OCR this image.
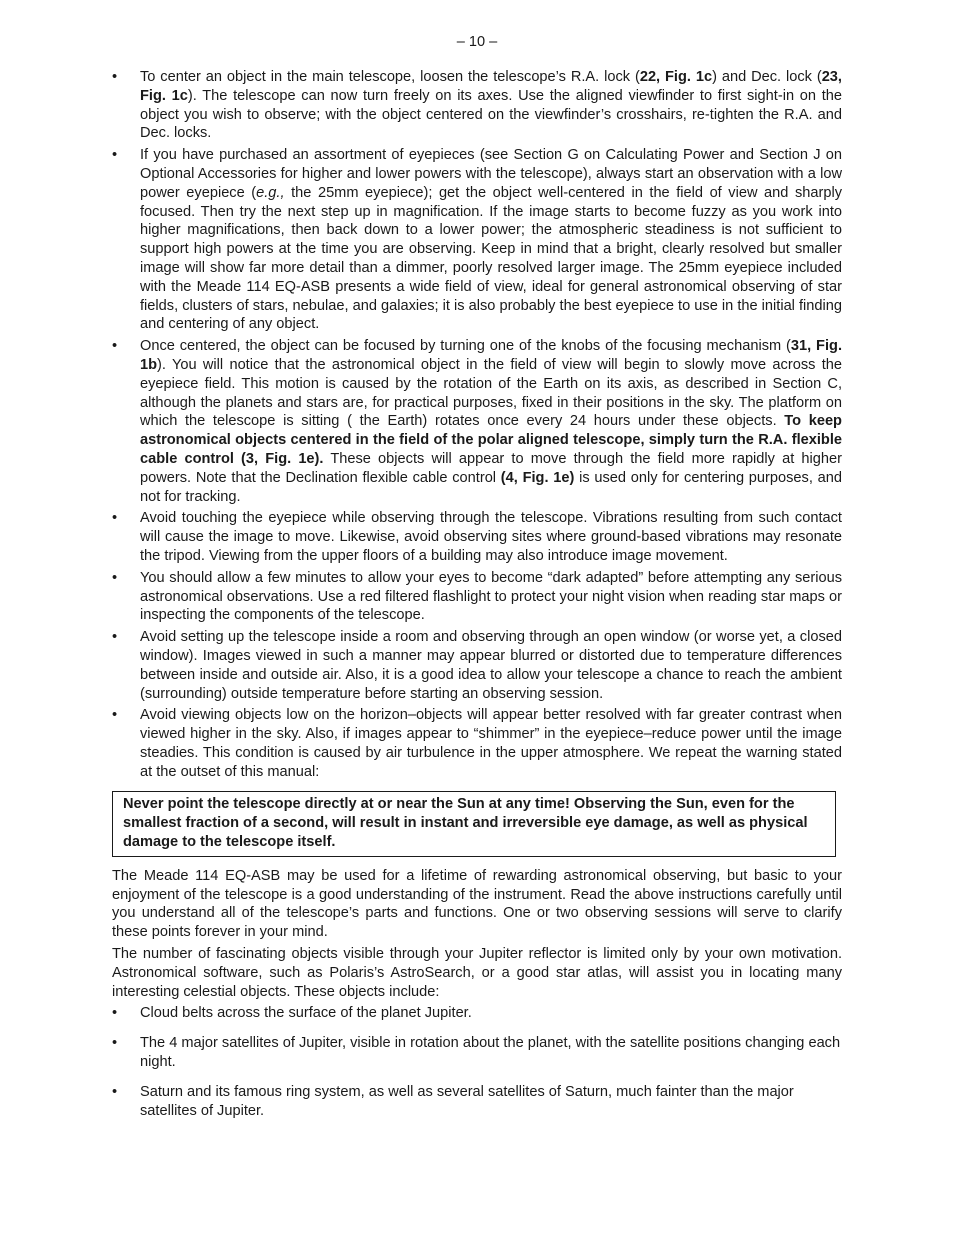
– 10 –
•	To center an object in the main telescope, loosen the telescope’s R.A. lock (22, Fig. 1c) and Dec. lock (23, Fig. 1c). The telescope can now turn freely on its axes. Use the aligned viewfinder to first sight-in on the object you wish to observe; with the object centered on the viewfinder’s crosshairs, re-tighten the R.A. and Dec. locks.
•	If you have purchased an assortment of eyepieces (see Section G on Calculating Power and Section J on Optional Accessories for higher and lower powers with the telescope), always start an observation with a low power eyepiece (e.g., the 25mm eyepiece); get the object well-centered in the field of view and sharply focused. Then try the next step up in magnification. If the image starts to become fuzzy as you work into higher magnifications, then back down to a lower power; the atmospheric steadiness is not sufficient to support high powers at the time you are observing. Keep in mind that a bright, clearly resolved but smaller image will show far more detail than a dimmer, poorly resolved larger image. The 25mm eyepiece included with the Meade 114 EQ-ASB presents a wide field of view, ideal for general astronomical observing of star fields, clusters of stars, nebulae, and galaxies; it is also probably the best eyepiece to use in the initial finding and centering of any object.
•	Once centered, the object can be focused by turning one of the knobs of the focusing mechanism (31, Fig. 1b). You will notice that the astronomical object in the field of view will begin to slowly move across the eyepiece field. This motion is caused by the rotation of the Earth on its axis, as described in Section C, although the planets and stars are, for practical purposes, fixed in their positions in the sky. The platform on which the telescope is sitting ( the Earth) rotates once every 24 hours under these objects. To keep astronomical objects centered in the field of the polar aligned telescope, simply turn the R.A. flexible cable control (3, Fig. 1e). These objects will appear to move through the field more rapidly at higher powers. Note that the Declination flexible cable control (4, Fig. 1e) is used only for centering purposes, and not for tracking.
•	Avoid touching the eyepiece while observing through the telescope. Vibrations resulting from such contact will cause the image to move. Likewise, avoid observing sites where ground-based vibrations may resonate the tripod. Viewing from the upper floors of a building may also introduce image movement.
•	You should allow a few minutes to allow your eyes to become “dark adapted” before attempting any serious astronomical observations. Use a red filtered flashlight to protect your night vision when reading star maps or inspecting the components of the telescope.
•	Avoid setting up the telescope inside a room and observing through an open window (or worse yet, a closed window). Images viewed in such a manner may appear blurred or distorted due to temperature differences between inside and outside air. Also, it is a good idea to allow your telescope a chance to reach the ambient (surrounding) outside temperature before starting an observing session.
•	Avoid viewing objects low on the horizon–objects will appear better resolved with far greater contrast when viewed higher in the sky. Also, if images appear to “shimmer” in the eyepiece–reduce power until the image steadies. This condition is caused by air turbulence in the upper atmosphere. We repeat the warning stated at the outset of this manual:
Never point the telescope directly at or near the Sun at any time! Observing the Sun, even for the smallest fraction of a second, will result in instant and irreversible eye damage, as well as physical damage to the telescope itself.

The Meade 114 EQ-ASB may be used for a lifetime of rewarding astronomical observing, but basic to your enjoyment of the telescope is a good understanding of the instrument. Read the above instructions carefully until you understand all of the telescope’s parts and functions. One or two observing sessions will serve to clarify these points forever in your mind.

The number of fascinating objects visible through your Jupiter reflector is limited only by your own motivation. Astronomical software, such as Polaris’s AstroSearch, or a good star atlas, will assist you in locating many interesting celestial objects. These objects include:

•	Cloud belts across the surface of the planet Jupiter.
•	The 4 major satellites of Jupiter, visible in rotation about the planet, with the satellite positions changing each night.
•	Saturn and its famous ring system, as well as several satellites of Saturn, much fainter than the major satellites of Jupiter.
